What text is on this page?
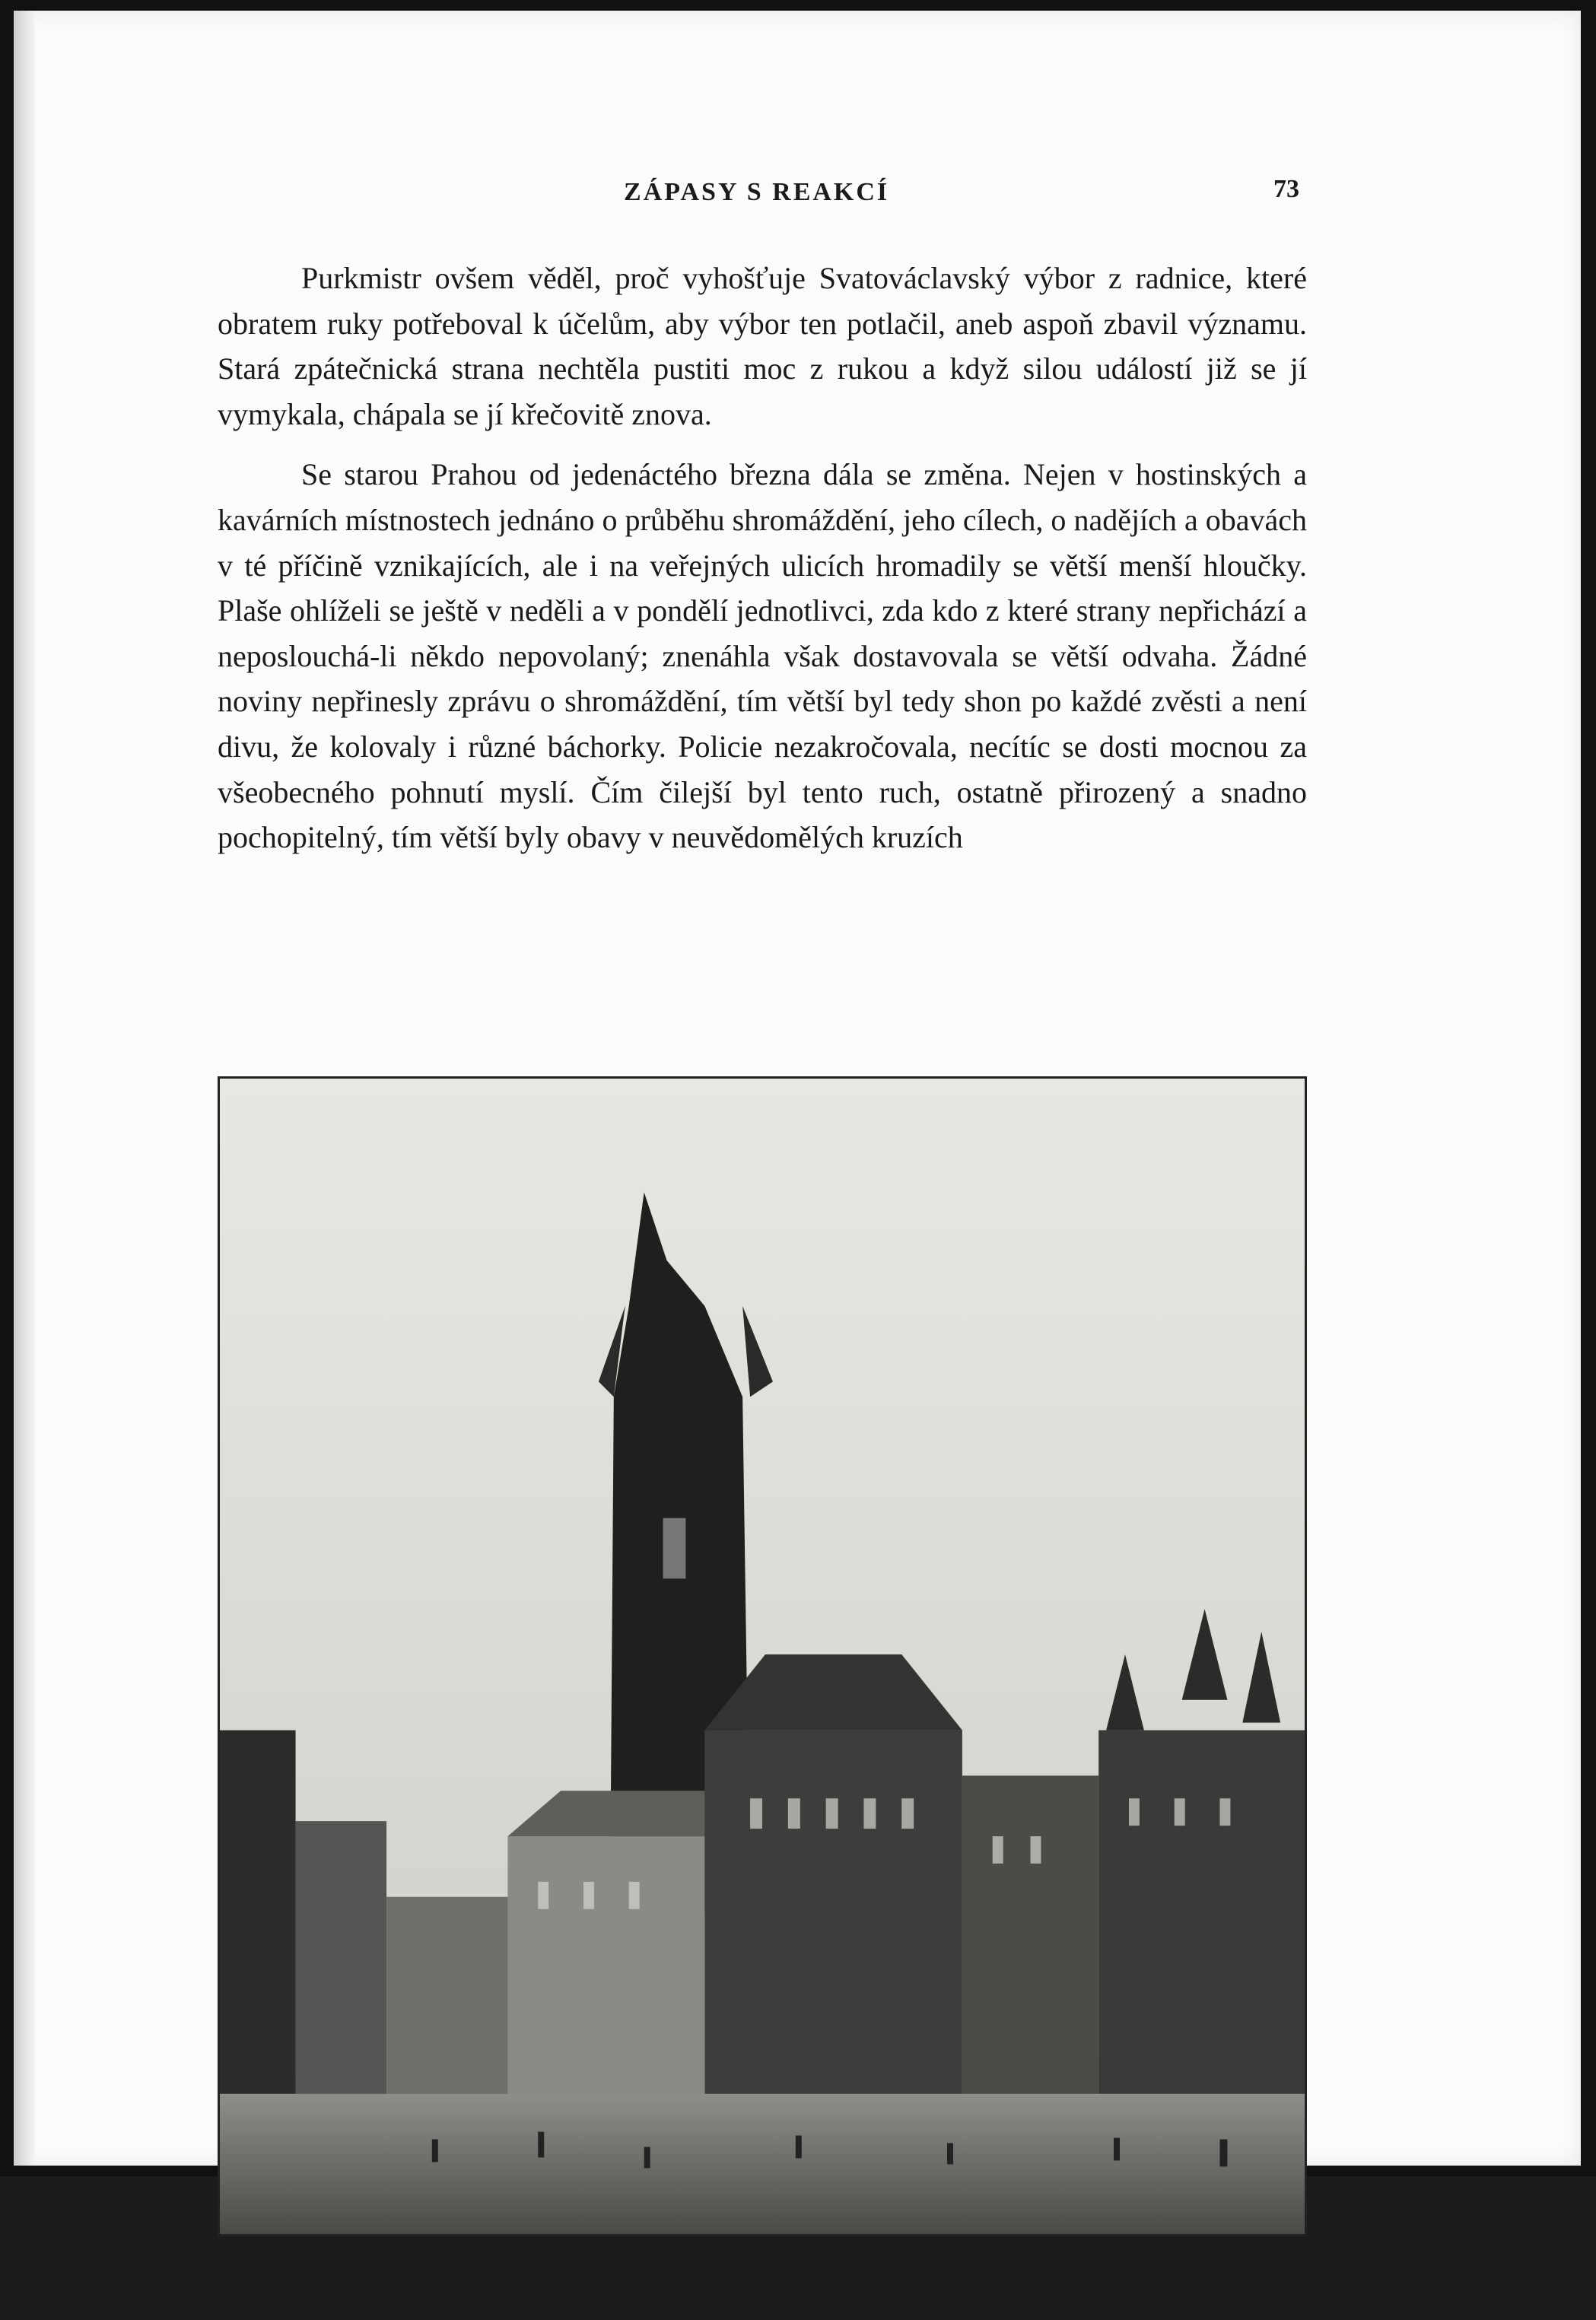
ZÁPASY S REAKCÍ	73

Purkmistr ovšem věděl, proč vyhošťuje Svatováclavský výbor z radnice, které obratem ruky potřeboval k účelům, aby výbor ten potlačil, aneb aspoň zbavil významu. Stará zpátečnická strana nechtěla pustiti moc z rukou a když silou událostí již se jí vymykala, chápala se jí křečovitě znova.

Se starou Prahou od jedenáctého března dála se změna. Nejen v hostinských a kavárních místnostech jednáno o průběhu shromáždění, jeho cílech, o nadějích a obavách v té příčině vznikajících, ale i na veřejných ulicích hromadily se větší menší hloučky. Plaše ohlíželi se ještě v neděli a v pondělí jednotlivci, zda kdo z které strany nepřichází a neposlouchá-li někdo nepovolaný; znenáhla však dostavovala se větší odvaha. Žádné noviny nepřinesly zprávu o shromáždění, tím větší byl tedy shon po každé zvěsti a není divu, že kolovaly i různé báchorky. Policie nezakročovala, necítíc se dosti mocnou za všeobecného pohnutí myslí. Čím čilejší byl tento ruch, ostatně přirozený a snadno pochopitelný, tím větší byly obavy v neuvědomělých kruzích

Pohled na Staroměstskou radnici r. 1848.
Dle současné rytiny.
